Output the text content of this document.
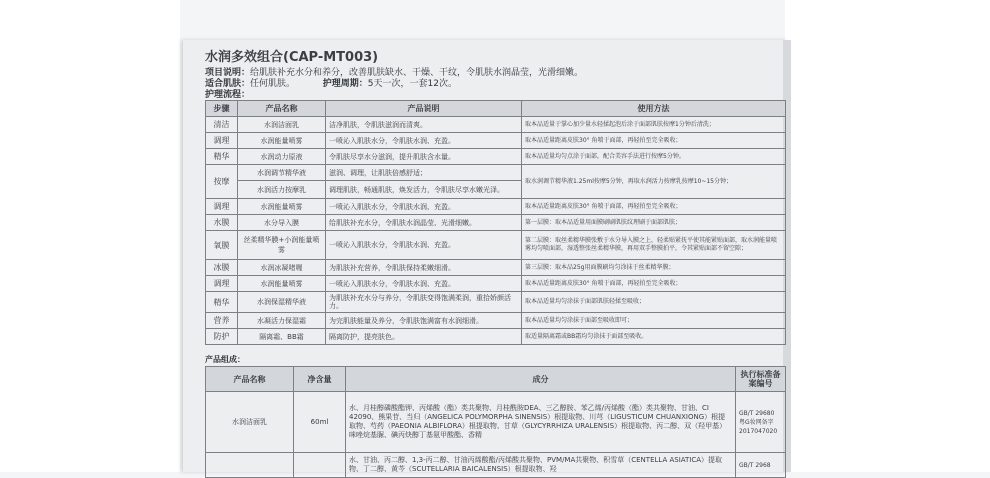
水润多效组合(CAP-MT003)
项目说明：给肌肤补充水分和养分，改善肌肤缺水、干燥、干纹，令肌肤水润晶莹，光滑细嫩。
适合肌肤：任何肌肤。	护理周期：5天一次，一套12次。
护理流程：
步骤	产品名称	产品说明	使用方法
清洁	水润洁面乳	洁净肌肤，令肌肤滋润而清爽。	取本品适量于掌心加少量水轻揉起泡后涂于面部肌肤按摩1分钟后清洗；
调理	水润能量喷雾	一喷沁入肌肤水分，令肌肤水润、充盈。	取本品适量距离皮肤30° 角喷于面部，再轻拍至完全吸收；
精华	水润动力原液	令肌肤尽享水分滋润，提升肌肤含水量。	取本品适量均匀点涂于面部，配合美容手法进行按摩5分钟。
按摩	水润调节精华液	滋润、调理，让肌肤倍感舒适；	取水润调节精华液1.25ml按摩5分钟，再取水润活力按摩乳按摩10~15分钟；
	水润活力按摩乳	调理肌肤，畅通肌肤，焕发活力，令肌肤尽享水嫩光泽。	
调理	水润能量喷雾	一喷沁入肌肤水分，令肌肤水润、充盈。	取本品适量距离皮肤30° 角喷于面部，再轻拍至完全吸收；
水膜	水分导入膜	给肌肤补充水分，令肌肤水润晶莹、光滑细嫩。	第一层膜：取本品适量用面膜刷刷肌肤纹理刷于面部肌肤；
氧膜	丝柔精华膜+小润能量喷雾	一喷沁入肌肤水分，令肌肤水润、充盈。	第二层膜：取丝柔精华膜张敷于水分导入膜之上，轻柔贴紧抚平使其能紧贴面部，取水润能量喷雾均匀喷面部，湿透整张丝柔精华膜，再用双手整膜拍平，令其紧贴面部不留空隙；
冰膜	水润冰凝啫喱	为肌肤补充营养，令肌肤保持柔嫩细滑。	第三层膜：取本品25g用面膜刷均匀涂抹于丝柔精华膜；
调理	水润能量喷雾	一喷沁入肌肤水分，令肌肤水润、充盈。	取本品适量距离皮肤30° 角喷于面部，再轻拍至完全吸收；
精华	水润保湿精华液	为肌肤补充水分与养分，令肌肤变得饱满柔润，重拾娇颜活力。	取本品适量均匀涂抹于面部肌肤轻揉至吸收；
营养	水凝活力保湿霜	为完肌肤能量及养分，令肌肤饱满富有水润细滑。	取本品适量均匀涂抹于面部至吸收即可；
防护	隔离霜、BB霜	隔离防护，提亮肤色。	取适量隔离霜或BB霜均匀涂抹于面部至吸收。
产品组成：
产品名称	净含量	成分	执行标准备案编号
水润洁面乳	60ml	水、月桂醇磷酸酯钾、丙烯酸（酯）类共聚物、月桂酰胺DEA、三乙醇胺、苯乙烯/丙烯酸（酯）类共聚物、甘油、CI 42090、熊果苷、当归（ANGELICA POLYMORPHA SINENSIS）根提取物、川芎（LIGUSTICUM CHUANXIONG）根提取物、芍药（PAEONIA ALBIFLORA）根提取物、甘草（GLYCYRRHIZA URALENSIS）根提取物、丙二醇、双（羟甲基）咪唑烷基脲、碘丙炔醇丁基氨甲酸酯、香精	GB/T 29680 粤G妆网备字2017047020
		水、甘油、丙二醇、1,3-丙二醇、甘油丙烯酸酯/丙烯酸共聚物、PVM/MA共聚物、积雪草（CENTELLA ASIATICA）提取物、丁二醇、黄芩（SCUTELLARIA BAICALENSIS）根提取物、羟	GB/T 2968
